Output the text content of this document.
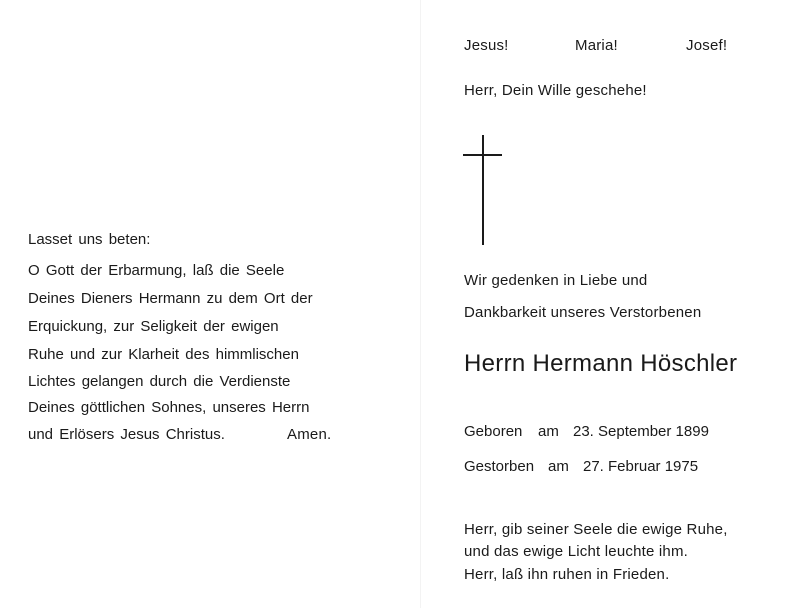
Jesus!	Maria!	Josef!
Herr, Dein Wille geschehe!
Wir gedenken in Liebe und
Dankbarkeit unseres Verstorbenen
Herrn Hermann Höschler
Geboren am 23. September 1899
Gestorben am 27. Februar 1975
Herr, gib seiner Seele die ewige Ruhe,
und das ewige Licht leuchte ihm.
Herr, laß ihn ruhen in Frieden.
Lasset uns beten:
O Gott der Erbarmung, laß die Seele
Deines Dieners Hermann zu dem Ort der
Erquickung, zur Seligkeit der ewigen
Ruhe und zur Klarheit des himmlischen
Lichtes gelangen durch die Verdienste
Deines göttlichen Sohnes, unseres Herrn
und Erlösers Jesus Christus.	Amen.
